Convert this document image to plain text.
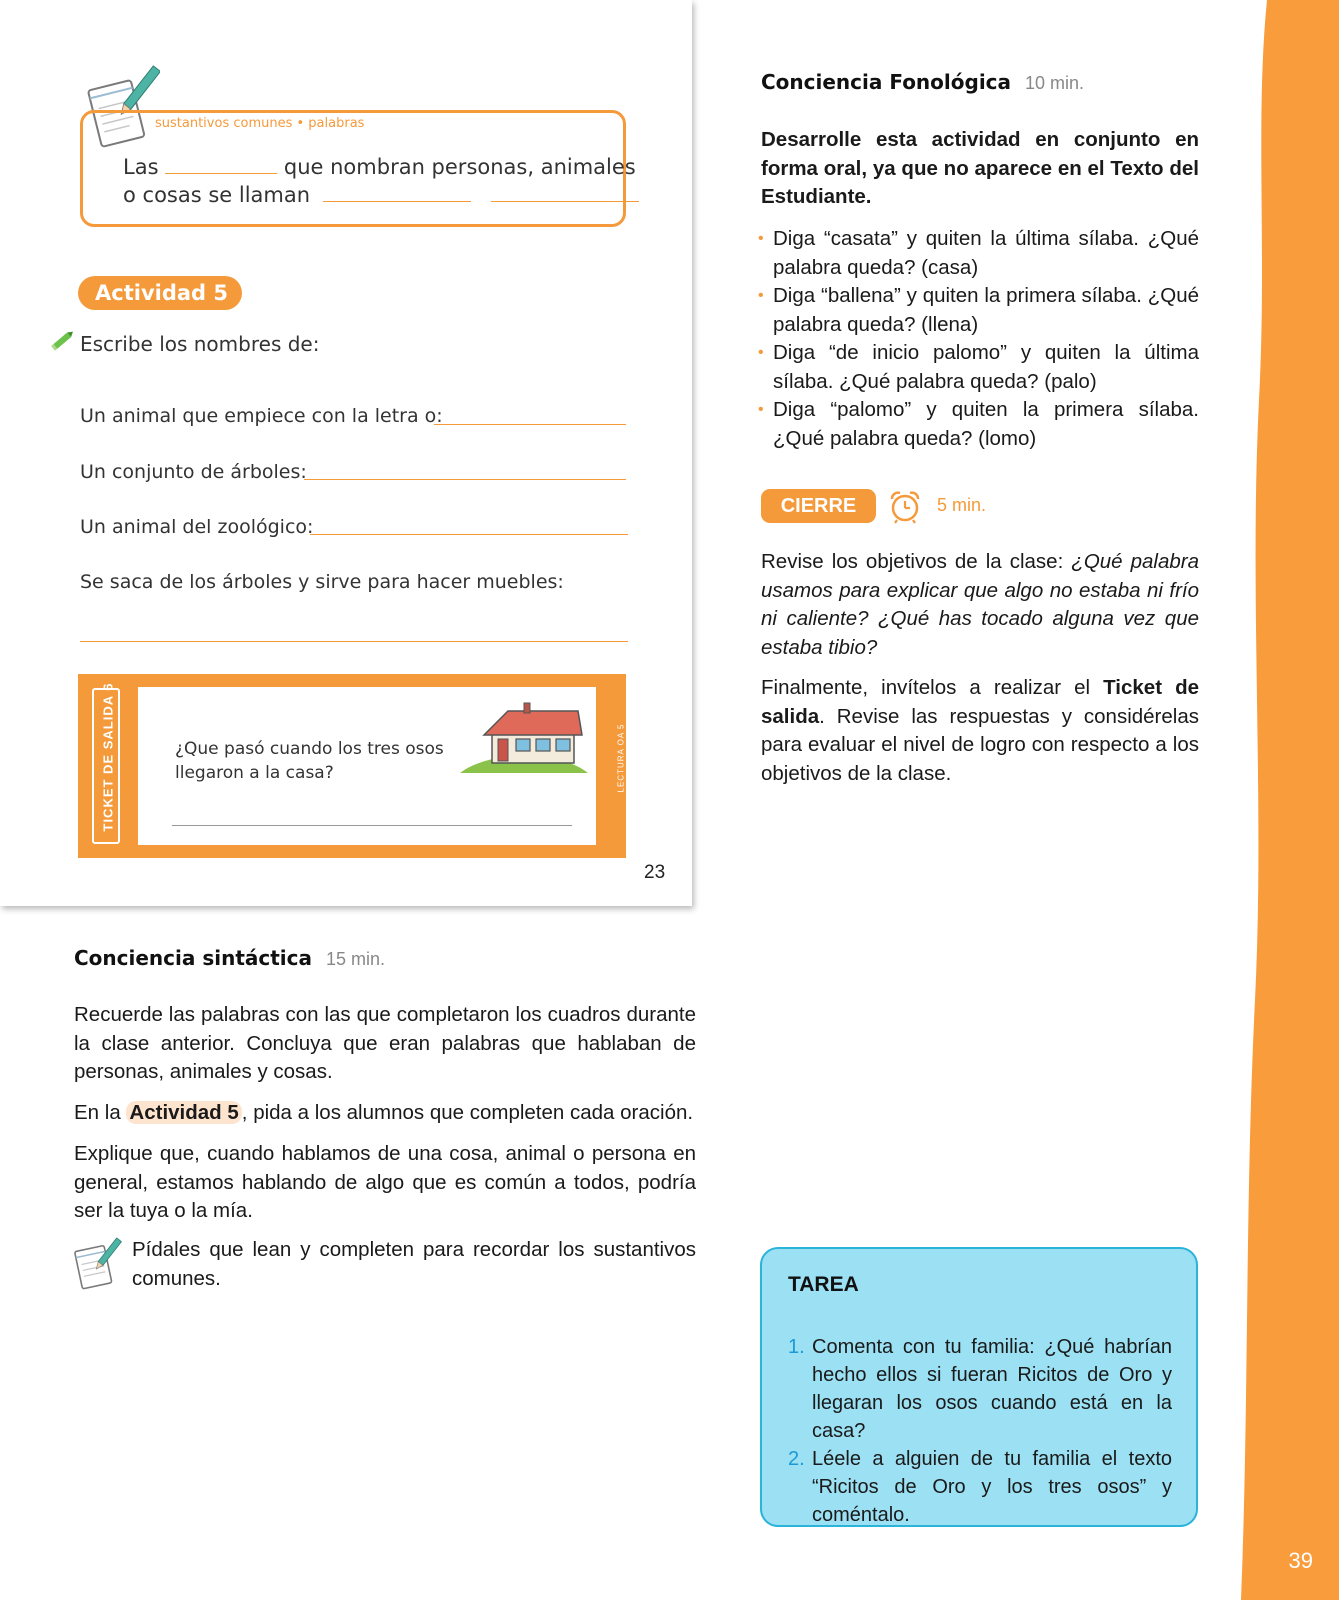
39
sustantivos comunes • palabras
Las	que nombran personas, animales
o cosas se llaman
Actividad 5
Escribe los nombres de:
Un animal que empiece con la letra o:
Un conjunto de árboles:
Un animal del zoológico:
Se saca de los árboles y sirve para hacer muebles:
TICKET DE SALIDA 6	¿Que pasó cuando los tres osos
llegaron a la casa?	LECTURA OA 5
23
Conciencia Fonológica 10 min.
Desarrolle esta actividad en conjunto en forma oral, ya que no aparece en el Texto del Estudiante.
• Diga “casata” y quiten la última sílaba. ¿Qué palabra queda? (casa)
• Diga “ballena” y quiten la primera sílaba. ¿Qué palabra queda? (llena)
• Diga “de inicio palomo” y quiten la última sílaba. ¿Qué palabra queda? (palo)
• Diga “palomo” y quiten la primera sílaba. ¿Qué palabra queda? (lomo)
CIERRE	5 min.
Revise los objetivos de la clase: ¿Qué palabra usamos para explicar que algo no estaba ni frío ni caliente? ¿Qué has tocado alguna vez que estaba tibio?
Finalmente, invítelos a realizar el Ticket de salida. Revise las respuestas y considérelas para evaluar el nivel de logro con respecto a los objetivos de la clase.
Conciencia sintáctica 15 min.
Recuerde las palabras con las que completaron los cuadros durante la clase anterior. Concluya que eran palabras que hablaban de personas, animales y cosas.
En la Actividad 5 , pida a los alumnos que completen cada oración.
Explique que, cuando hablamos de una cosa, animal o persona en general, estamos hablando de algo que es común a todos, podría ser la tuya o la mía.
Pídales que lean y completen para recordar los sustantivos comunes.	TAREA
1. Comenta con tu familia: ¿Qué habrían hecho ellos si fueran Ricitos de Oro y llegaran los osos cuando está en la casa?
2. Léele a alguien de tu familia el texto “Ricitos de Oro y los tres osos” y coméntalo.
